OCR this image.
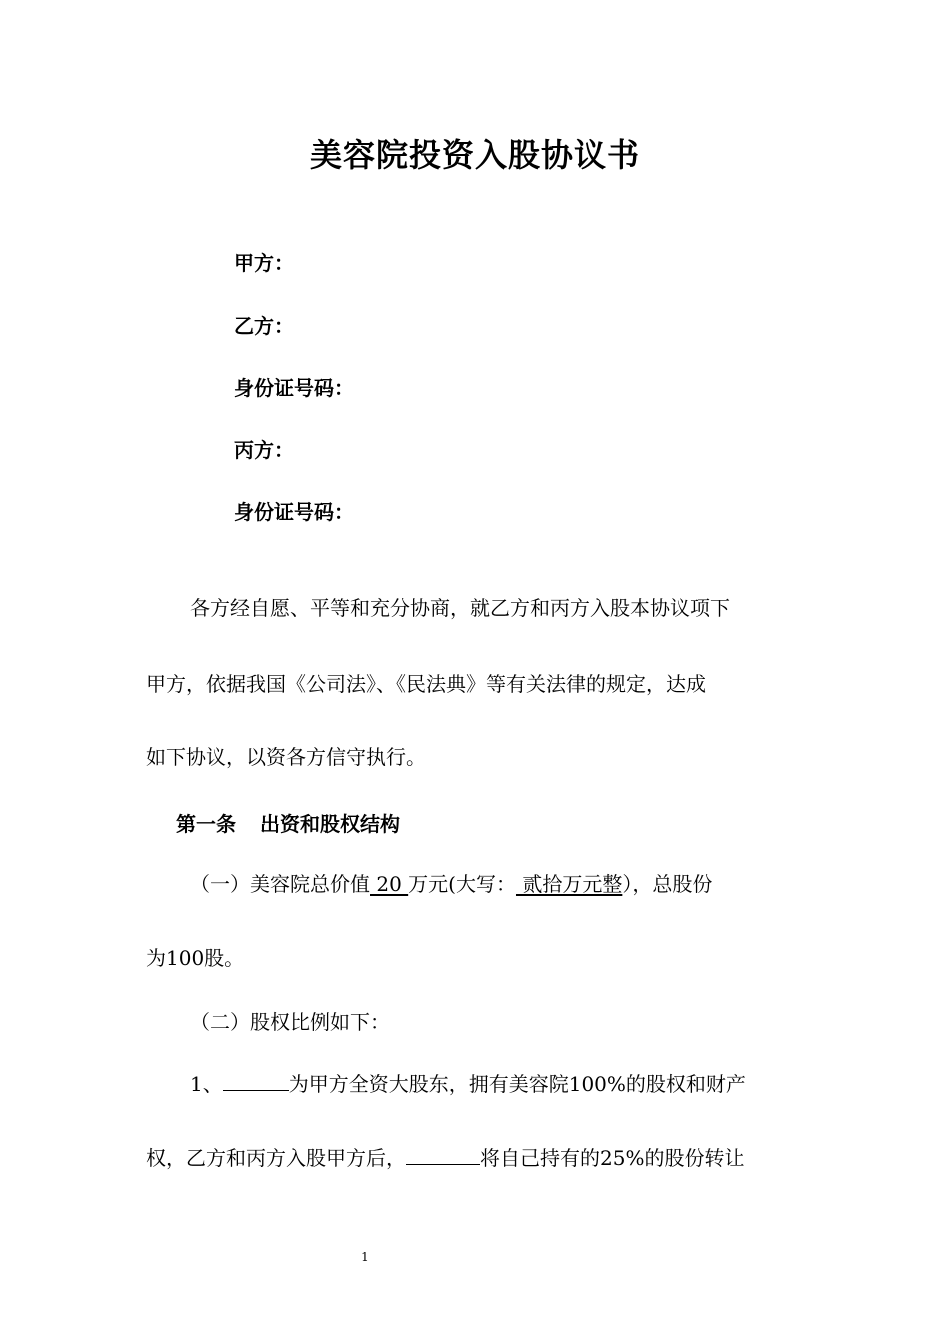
美容院投资入股协议书
甲方：
乙方：
身份证号码：
丙方：
身份证号码：
各方经自愿、平等和充分协商，就乙方和丙方入股本协议项下
甲方，依据我国《公司法》、《民法典》等有关法律的规定，达成
如下协议，以资各方信守执行。
第一条 出资和股权结构
（一）美容院总价值 20 万元(大写： 贰拾万元整），总股份
为100股。
（二）股权比例如下：
1、	为甲方全资大股东，拥有美容院100%的股权和财产
权，乙方和丙方入股甲方后，	将自己持有的25%的股份转让
1
